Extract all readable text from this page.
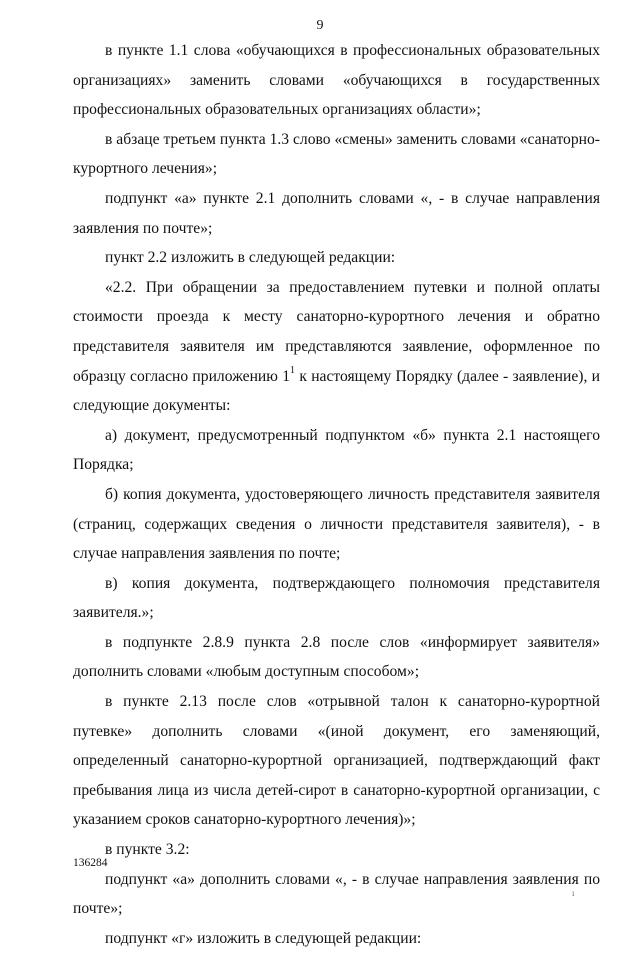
9

в пункте 1.1 слова «обучающихся в профессиональных образовательных организациях» заменить словами «обучающихся в государственных профессиональных образовательных организациях области»;

в абзаце третьем пункта 1.3 слово «смены» заменить словами «санаторно-курортного лечения»;

подпункт «а» пункте 2.1 дополнить словами «, - в случае направления заявления по почте»;

пункт 2.2 изложить в следующей редакции:

«2.2. При обращении за предоставлением путевки и полной оплаты стоимости проезда к месту санаторно-курортного лечения и обратно представителя заявителя им представляются заявление, оформленное по образцу согласно приложению $1^1$ к настоящему Порядку (далее - заявление), и следующие документы:

а) документ, предусмотренный подпунктом «б» пункта 2.1 настоящего Порядка;

б) копия документа, удостоверяющего личность представителя заявителя (страниц, содержащих сведения о личности представителя заявителя), - в случае направления заявления по почте;

в) копия документа, подтверждающего полномочия представителя заявителя.»;

в подпункте 2.8.9 пункта 2.8 после слов «информирует заявителя» дополнить словами «любым доступным способом»;

в пункте 2.13 после слов «отрывной талон к санаторно-курортной путевке» дополнить словами «(иной документ, его заменяющий, определенный санаторно-курортной организацией, подтверждающий факт пребывания лица из числа детей-сирот в санаторно-курортной организации, с указанием сроков санаторно-курортного лечения)»;

в пункте 3.2:

подпункт «а» дополнить словами «, - в случае направления заявления по почте»;

подпункт «г» изложить в следующей редакции:

136284
ı
